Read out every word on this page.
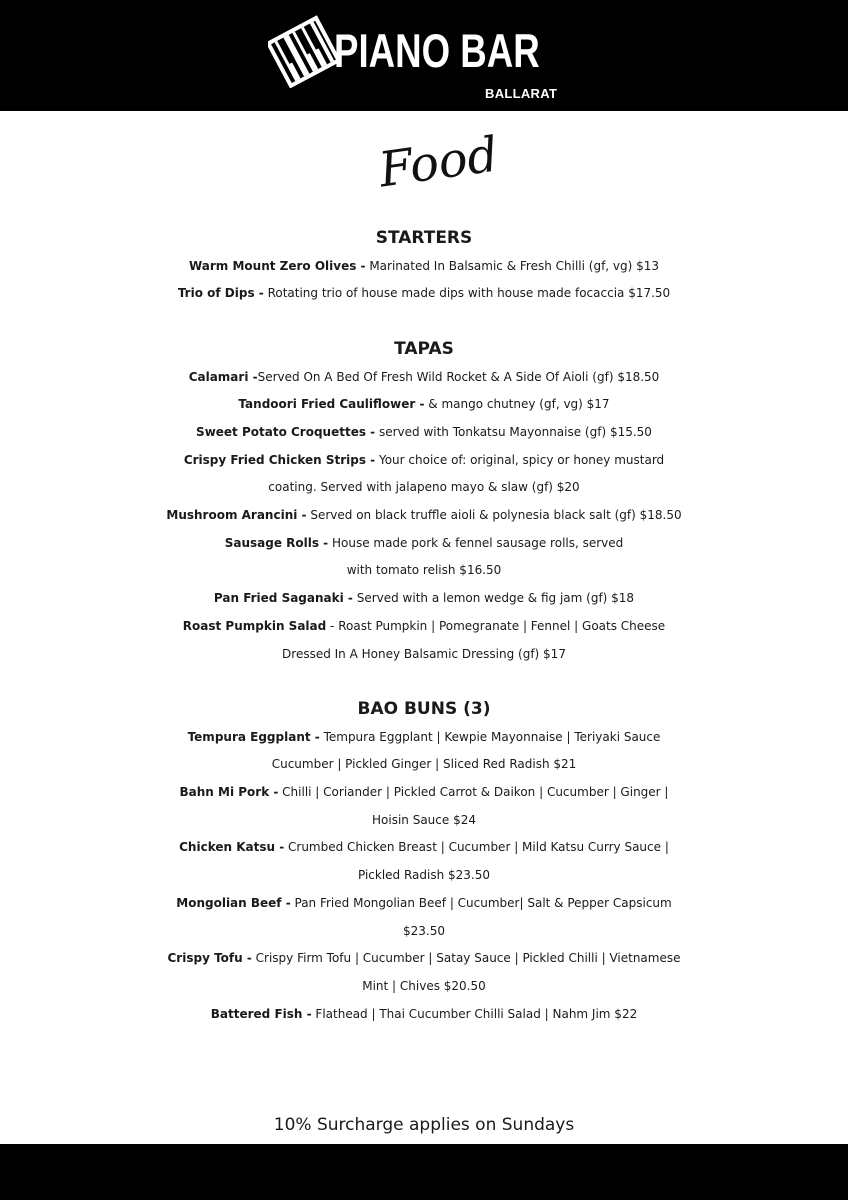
PIANO BAR
BALLARAT
Food
STARTERS
Warm Mount Zero Olives - Marinated In Balsamic & Fresh Chilli (gf, vg) $13
Trio of Dips - Rotating trio of house made dips with house made focaccia $17.50
TAPAS
Calamari -Served On A Bed Of Fresh Wild Rocket & A Side Of Aioli (gf) $18.50
Tandoori Fried Cauliflower - & mango chutney (gf, vg) $17
Sweet Potato Croquettes - served with Tonkatsu Mayonnaise (gf) $15.50
Crispy Fried Chicken Strips - Your choice of: original, spicy or honey mustard
coating. Served with jalapeno mayo & slaw (gf) $20
Mushroom Arancini - Served on black truffle aioli & polynesia black salt (gf) $18.50
Sausage Rolls - House made pork & fennel sausage rolls, served
with tomato relish $16.50
Pan Fried Saganaki - Served with a lemon wedge & fig jam (gf) $18
Roast Pumpkin Salad - Roast Pumpkin | Pomegranate | Fennel | Goats Cheese
Dressed In A Honey Balsamic Dressing (gf) $17
BAO BUNS (3)
Tempura Eggplant - Tempura Eggplant | Kewpie Mayonnaise | Teriyaki Sauce
Cucumber | Pickled Ginger | Sliced Red Radish $21
Bahn Mi Pork - Chilli | Coriander | Pickled Carrot & Daikon | Cucumber | Ginger |
Hoisin Sauce $24
Chicken Katsu - Crumbed Chicken Breast | Cucumber | Mild Katsu Curry Sauce |
Pickled Radish $23.50
Mongolian Beef - Pan Fried Mongolian Beef | Cucumber| Salt & Pepper Capsicum
$23.50
Crispy Tofu - Crispy Firm Tofu | Cucumber | Satay Sauce | Pickled Chilli | Vietnamese
Mint | Chives $20.50
Battered Fish - Flathead | Thai Cucumber Chilli Salad | Nahm Jim $22
10% Surcharge applies on Sundays
